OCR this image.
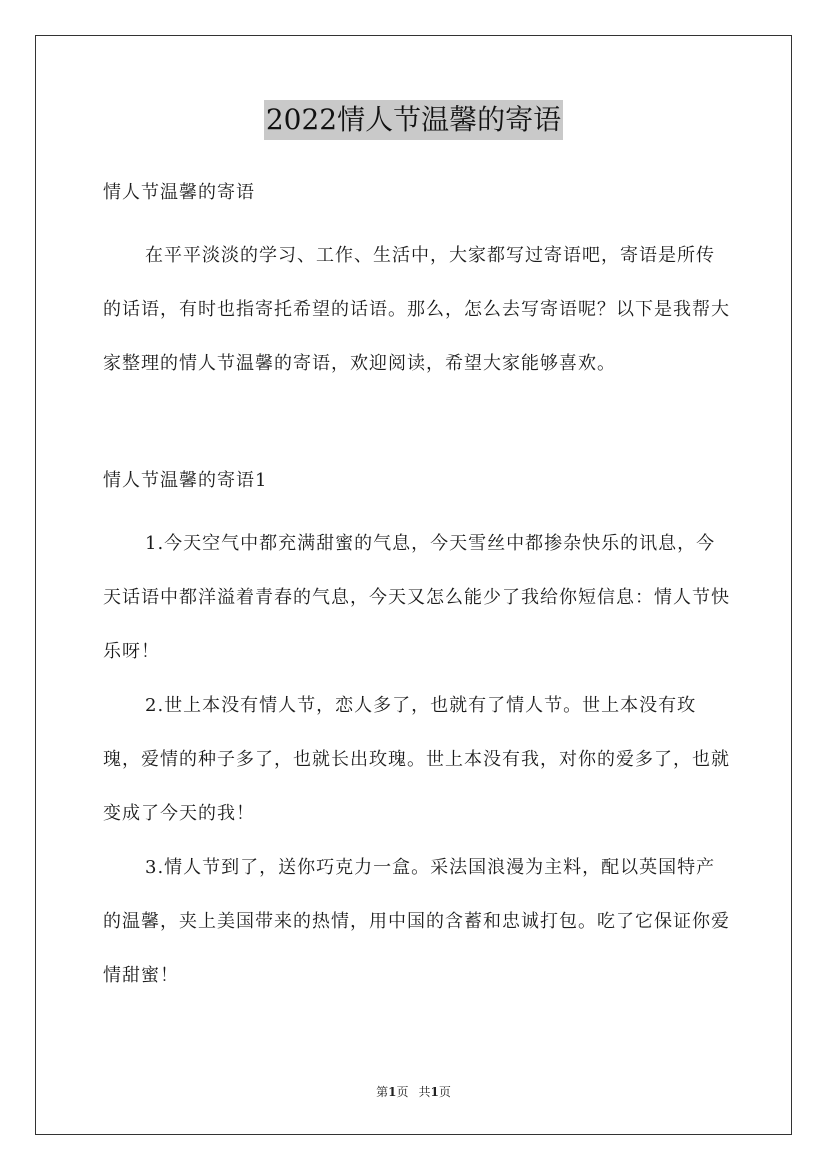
2022情人节温馨的寄语

情人节温馨的寄语

在平平淡淡的学习、工作、生活中，大家都写过寄语吧，寄语是所传的话语，有时也指寄托希望的话语。那么，怎么去写寄语呢？以下是我帮大家整理的情人节温馨的寄语，欢迎阅读，希望大家能够喜欢。

情人节温馨的寄语1

1.今天空气中都充满甜蜜的气息，今天雪丝中都掺杂快乐的讯息，今天话语中都洋溢着青春的气息，今天又怎么能少了我给你短信息：情人节快乐呀！

2.世上本没有情人节，恋人多了，也就有了情人节。世上本没有玫瑰，爱情的种子多了，也就长出玫瑰。世上本没有我，对你的爱多了，也就变成了今天的我！

3.情人节到了，送你巧克力一盒。采法国浪漫为主料，配以英国特产的温馨，夹上美国带来的热情，用中国的含蓄和忠诚打包。吃了它保证你爱情甜蜜！

第1页 共1页
